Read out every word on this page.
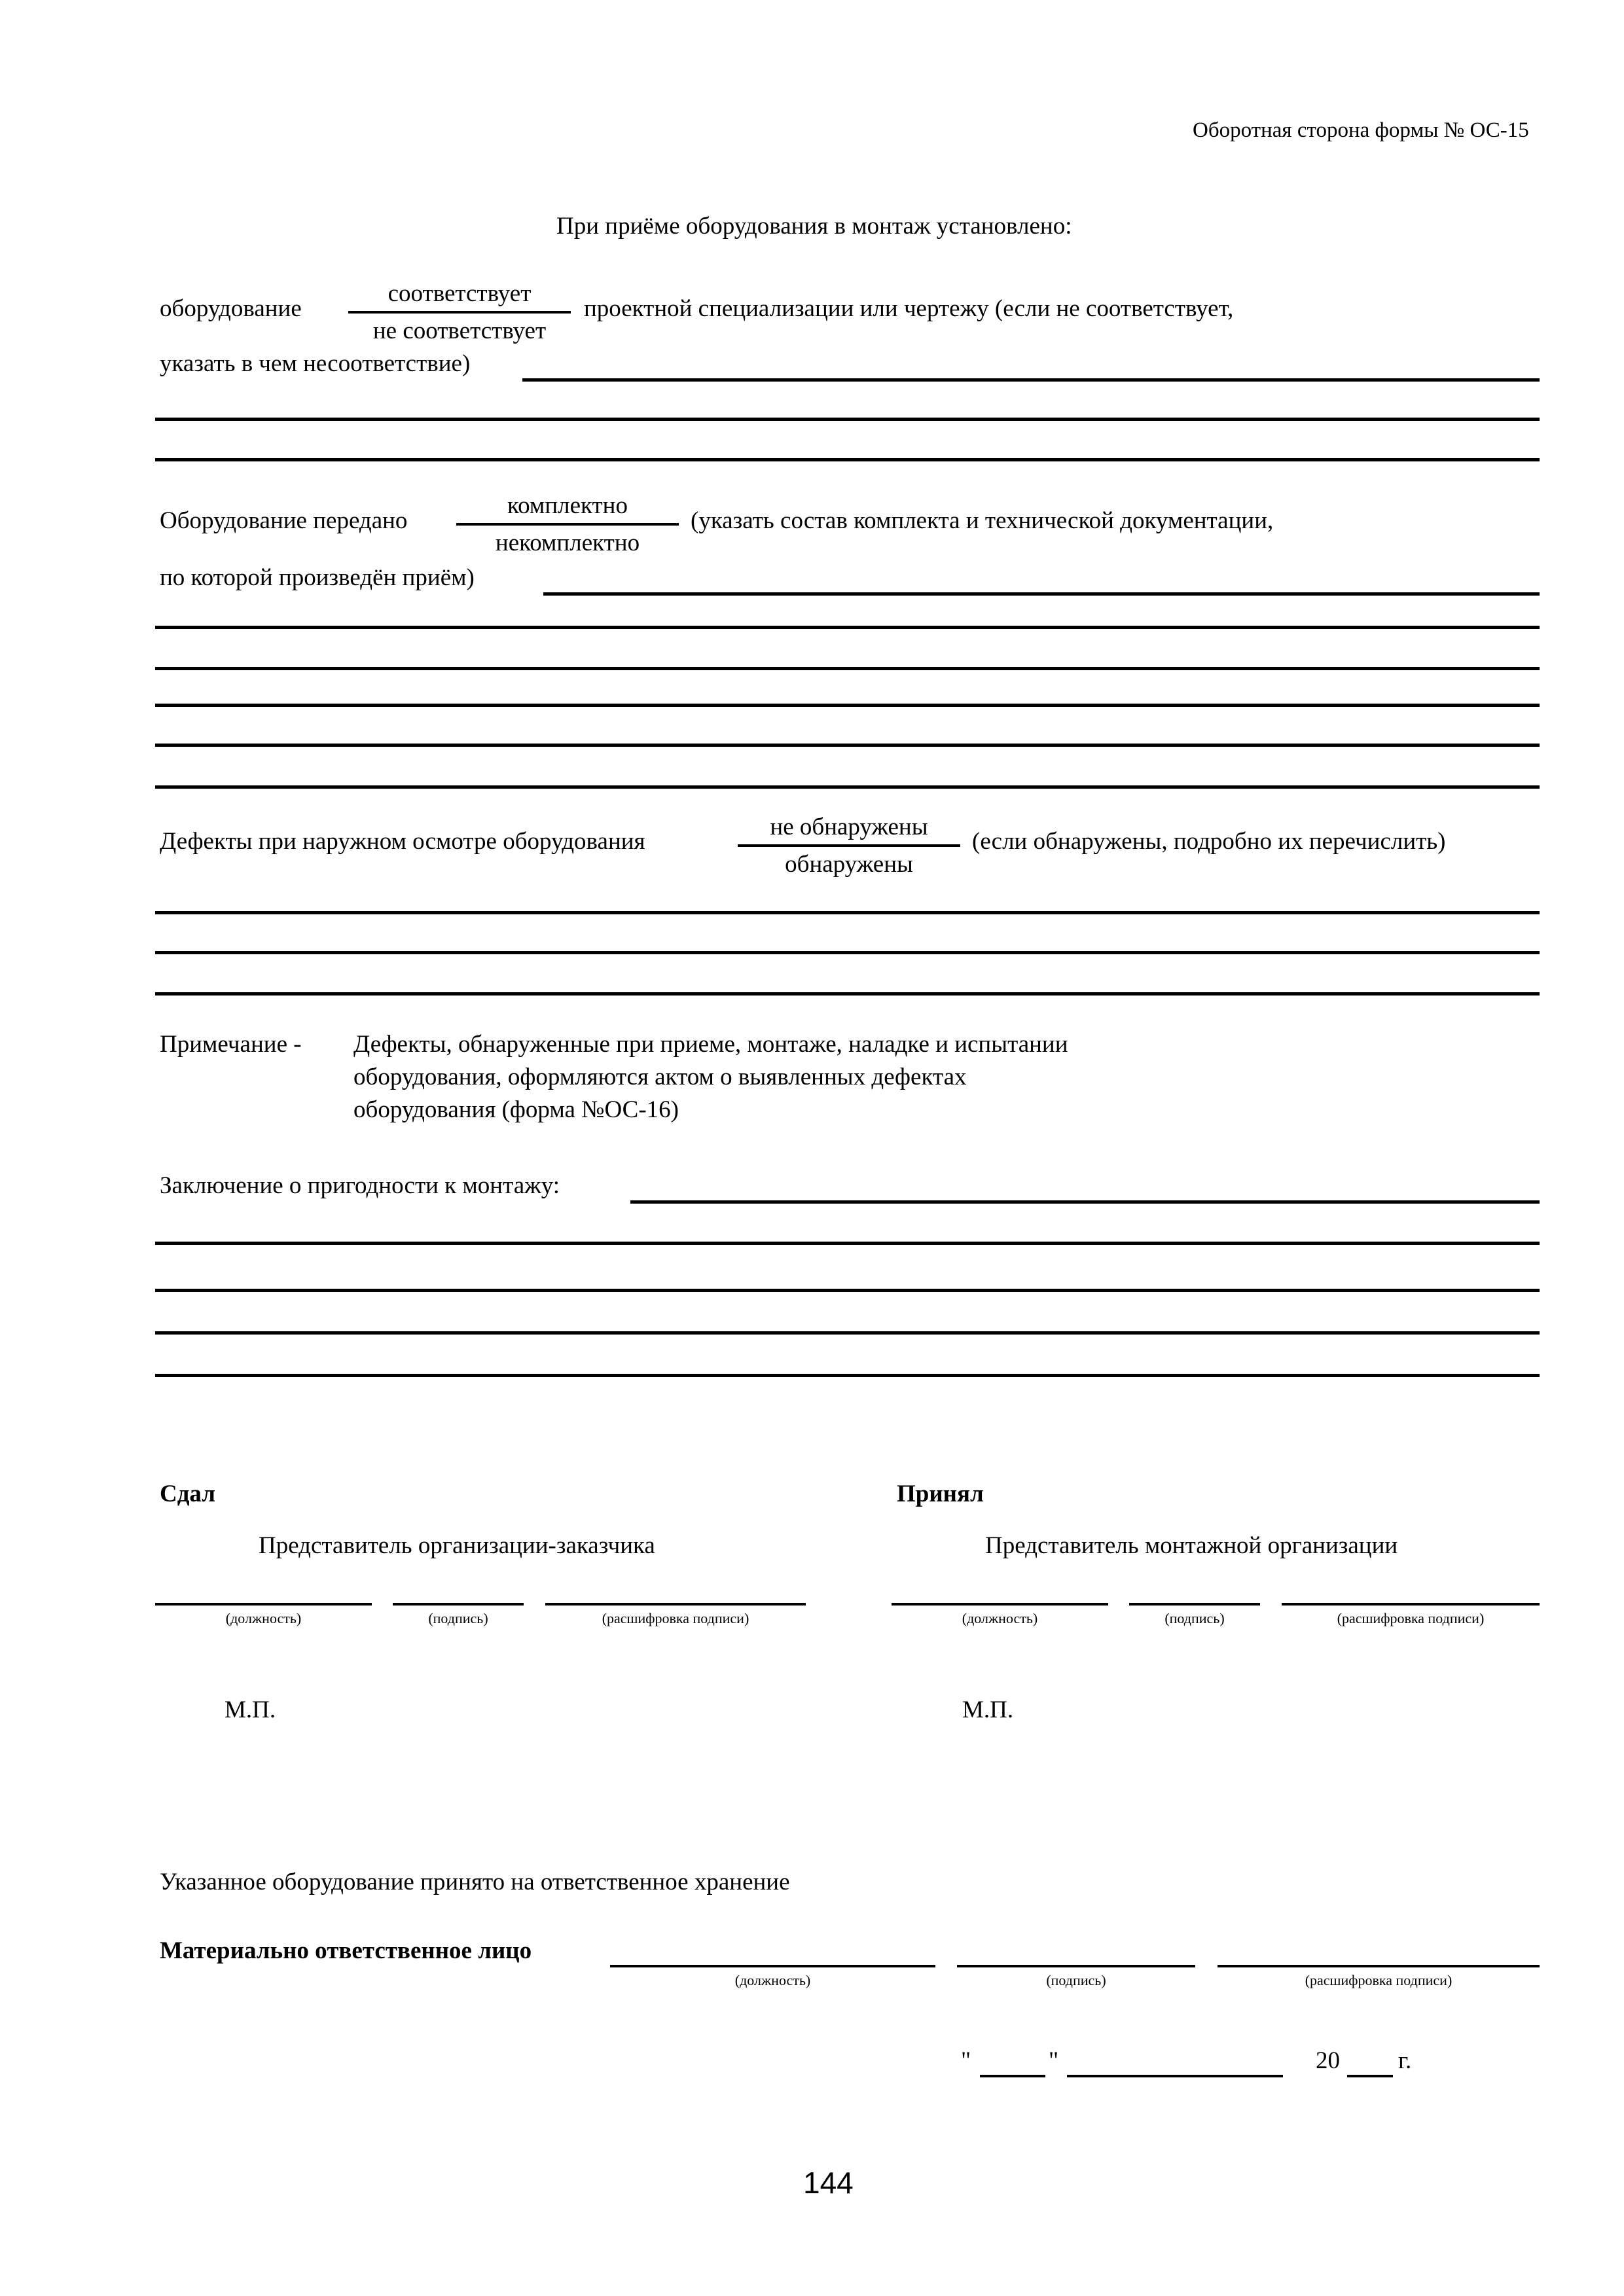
Оборотная сторона формы № ОС-15
При приёме оборудования в монтаж установлено:
оборудование
соответствует
не соответствует
проектной специализации или чертежу (если не соответствует,
указать в чем несоответствие)
Оборудование передано
комплектно
некомплектно
(указать состав комплекта и технической документации,
по которой произведён приём)
Дефекты при наружном осмотре оборудования
не обнаружены
обнаружены
(если обнаружены, подробно их перечислить)
Примечание - Дефекты, обнаруженные при приеме, монтаже, наладке и испытании
оборудования, оформляются актом о выявленных дефектах
оборудования (форма №ОС-16)
Заключение о пригодности к монтажу:
Сдал
Представитель организации-заказчика
(должность)	(подпись)	(расшифровка подписи)
М.П.
Принял
Представитель монтажной организации
(должность)	(подпись)	(расшифровка подписи)
М.П.
Указанное оборудование принято на ответственное хранение
Материально ответственное лицо
(должность)	(подпись)	(расшифровка подписи)
"	"	20 г.
144
